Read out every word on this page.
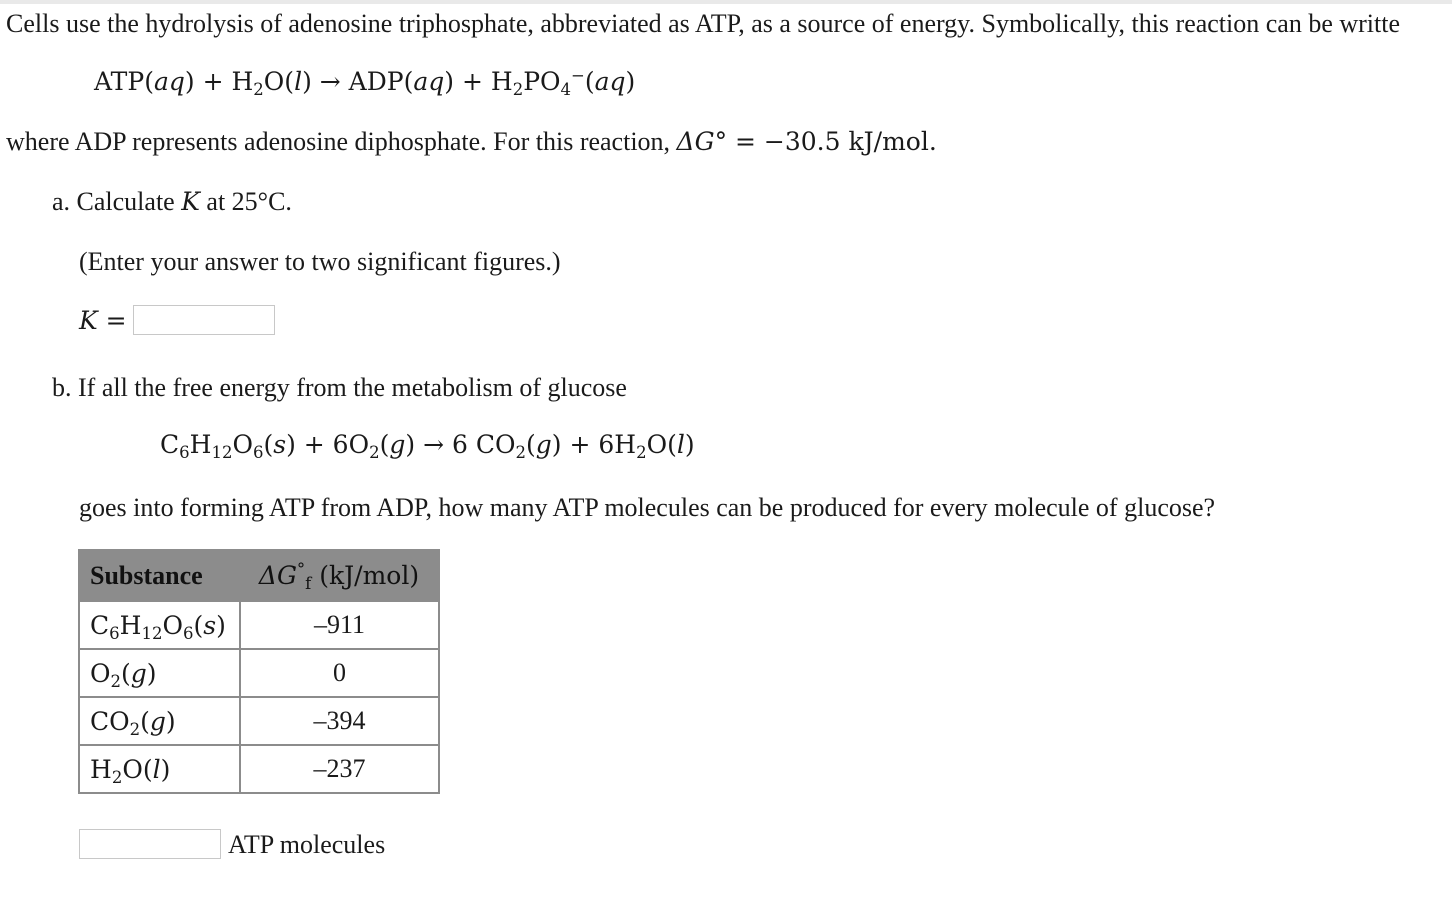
Cells use the hydrolysis of adenosine triphosphate, abbreviated as ATP, as a source of energy. Symbolically, this reaction can be writte
$ATP(aq) + H_2O(l) \to ADP(aq) + H_2PO_4^-(aq)$
where ADP represents adenosine diphosphate. For this reaction, ΔG° = −30.5 kJ/mol.
a. Calculate K at 25°C.
(Enter your answer to two significant figures.)
K =
b. If all the free energy from the metabolism of glucose
$C_6H_{12}O_6(s) + 6O_2(g) \to 6$ $CO_2(g) + 6H_2O(l)$
goes into forming ATP from ADP, how many ATP molecules can be produced for every molecule of glucose?
Substance	$\Delta G^\circ_f$ (kJ/mol)
$C_6H_{12}O_6(s)$	–911
$O_2(g)$	0
$CO_2(g)$	–394
$H_2O(l)$	–237
ATP molecules
